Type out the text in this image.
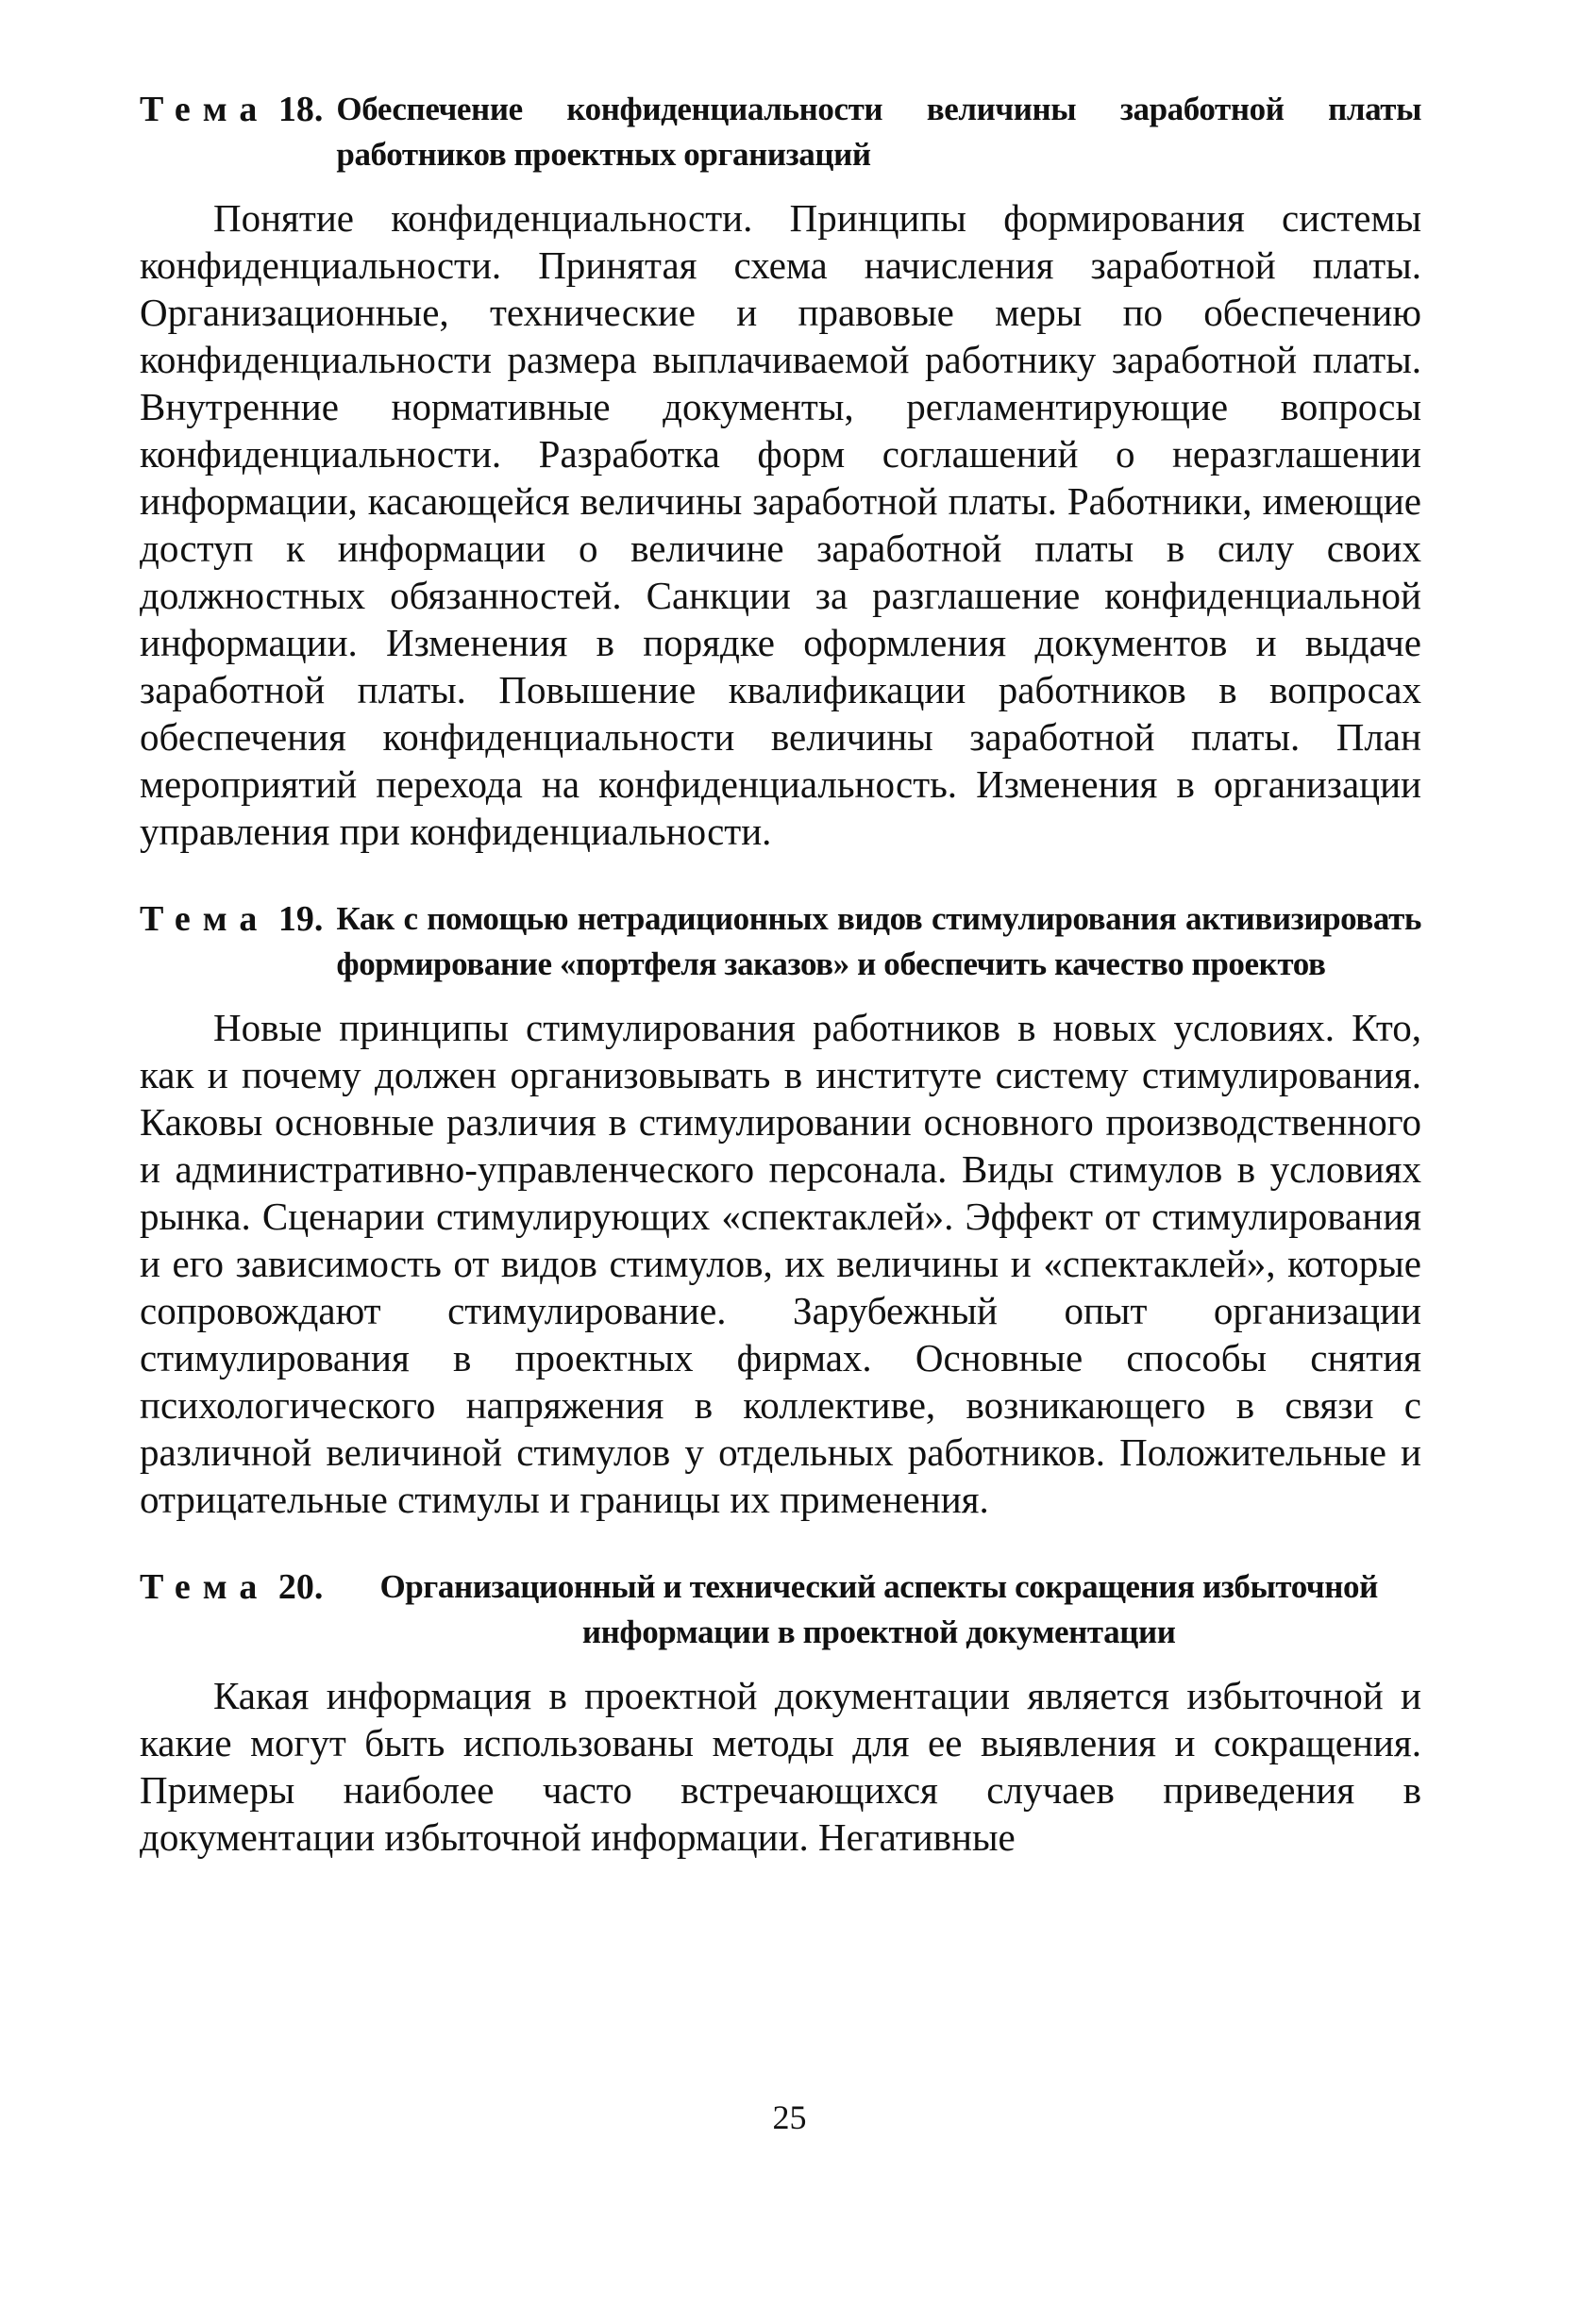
Тема 18. Обеспечение конфиденциальности величины заработной платы работников проектных организаций

Понятие конфиденциальности. Принципы формирования системы конфиденциальности. Принятая схема начисления заработной платы. Организационные, технические и правовые меры по обеспечению конфиденциальности размера выплачиваемой работнику заработной платы. Внутренние нормативные документы, регламентирующие вопросы конфиденциальности. Разработка форм соглашений о неразглашении информации, касающейся величины заработной платы. Работники, имеющие доступ к информации о величине заработной платы в силу своих должностных обязанностей. Санкции за разглашение конфиденциальной информации. Изменения в порядке оформления документов и выдаче заработной платы. Повышение квалификации работников в вопросах обеспечения конфиденциальности величины заработной платы. План мероприятий перехода на конфиденциальность. Изменения в организации управления при конфиденциальности.

Тема 19. Как с помощью нетрадиционных видов стимулирования активизировать формирование «портфеля заказов» и обеспечить качество проектов

Новые принципы стимулирования работников в новых условиях. Кто, как и почему должен организовывать в институте систему стимулирования. Каковы основные различия в стимулировании основного производственного и административно-управленческого персонала. Виды стимулов в условиях рынка. Сценарии стимулирующих «спектаклей». Эффект от стимулирования и его зависимость от видов стимулов, их величины и «спектаклей», которые сопровождают стимулирование. Зарубежный опыт организации стимулирования в проектных фирмах. Основные способы снятия психологического напряжения в коллективе, возникающего в связи с различной величиной стимулов у отдельных работников. Положительные и отрицательные стимулы и границы их применения.

Тема 20.	Организационный и технический аспекты сокращения избыточной информации в проектной документации

Какая информация в проектной документации является избыточной и какие могут быть использованы методы для ее выявления и сокращения. Примеры наиболее часто встречающихся случаев приведения в документации избыточной информации. Негативные

25
